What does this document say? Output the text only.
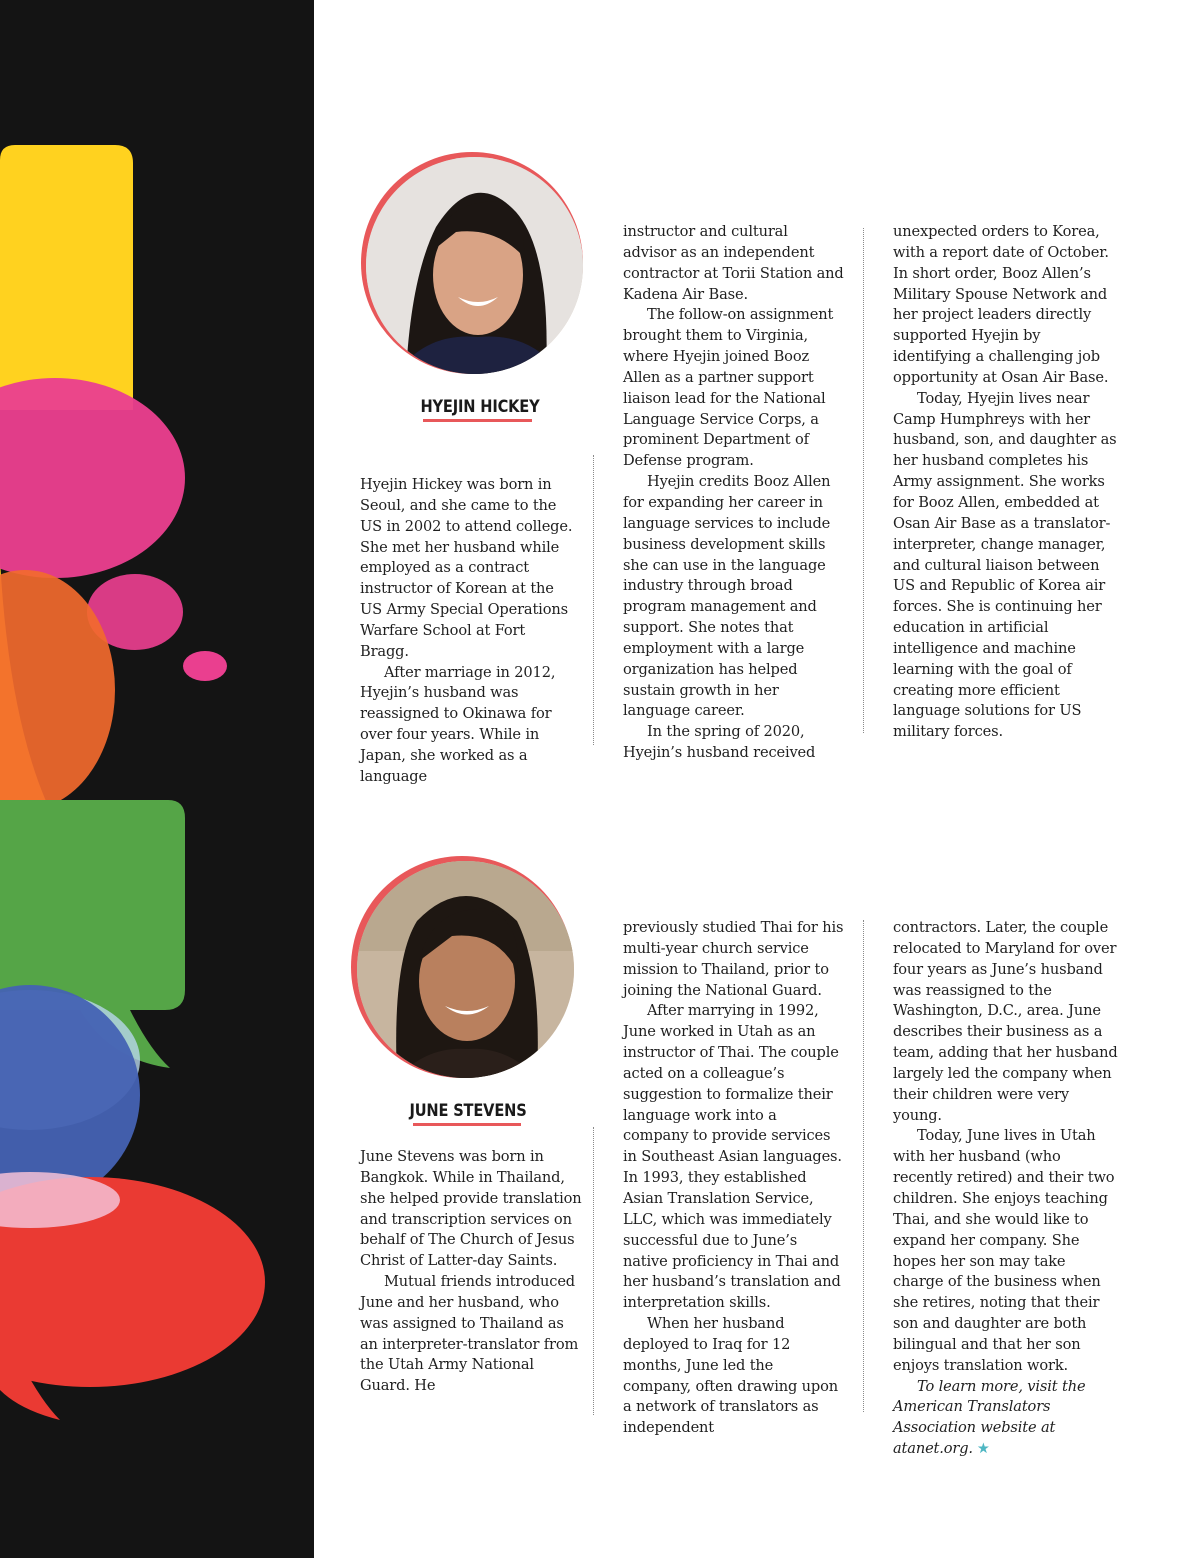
HYEJIN HICKEY

Hyejin Hickey was born in Seoul, and she came to the US in 2002 to attend college. She met her husband while employed as a contract instructor of Korean at the US Army Special Operations Warfare School at Fort Bragg.

After marriage in 2012, Hyejin’s husband was reassigned to Okinawa for over four years. While in Japan, she worked as a language

instructor and cultural advisor as an independent contractor at Torii Station and Kadena Air Base.

The follow-on assignment brought them to Virginia, where Hyejin joined Booz Allen as a partner support liaison lead for the National Language Service Corps, a prominent Department of Defense program.

Hyejin credits Booz Allen for expanding her career in language services to include business development skills she can use in the language industry through broad program management and support. She notes that employment with a large organization has helped sustain growth in her language career.

In the spring of 2020, Hyejin’s husband received

unexpected orders to Korea, with a report date of October. In short order, Booz Allen’s Military Spouse Network and her project leaders directly supported Hyejin by identifying a challenging job opportunity at Osan Air Base.

Today, Hyejin lives near Camp Humphreys with her husband, son, and daughter as her husband completes his Army assignment. She works for Booz Allen, embedded at Osan Air Base as a translator-interpreter, change manager, and cultural liaison between US and Republic of Korea air forces. She is continuing her education in artificial intelligence and machine learning with the goal of creating more efficient language solutions for US military forces.

JUNE STEVENS

June Stevens was born in Bangkok. While in Thailand, she helped provide translation and transcription services on behalf of The Church of Jesus Christ of Latter-day Saints.

Mutual friends introduced June and her husband, who was assigned to Thailand as an interpreter-translator from the Utah Army National Guard. He

previously studied Thai for his multi-year church service mission to Thailand, prior to joining the National Guard.

After marrying in 1992, June worked in Utah as an instructor of Thai. The couple acted on a colleague’s suggestion to formalize their language work into a company to provide services in Southeast Asian languages. In 1993, they established Asian Translation Service, LLC, which was immediately successful due to June’s native proficiency in Thai and her husband’s translation and interpretation skills.

When her husband deployed to Iraq for 12 months, June led the company, often drawing upon a network of translators as independent

contractors. Later, the couple relocated to Maryland for over four years as June’s husband was reassigned to the Washington, D.C., area. June describes their business as a team, adding that her husband largely led the company when their children were very young.

Today, June lives in Utah with her husband (who recently retired) and their two children. She enjoys teaching Thai, and she would like to expand her company. She hopes her son may take charge of the business when she retires, noting that their son and daughter are both bilingual and that her son enjoys translation work.

To learn more, visit the American Translators Association website at atanet.org. ★
